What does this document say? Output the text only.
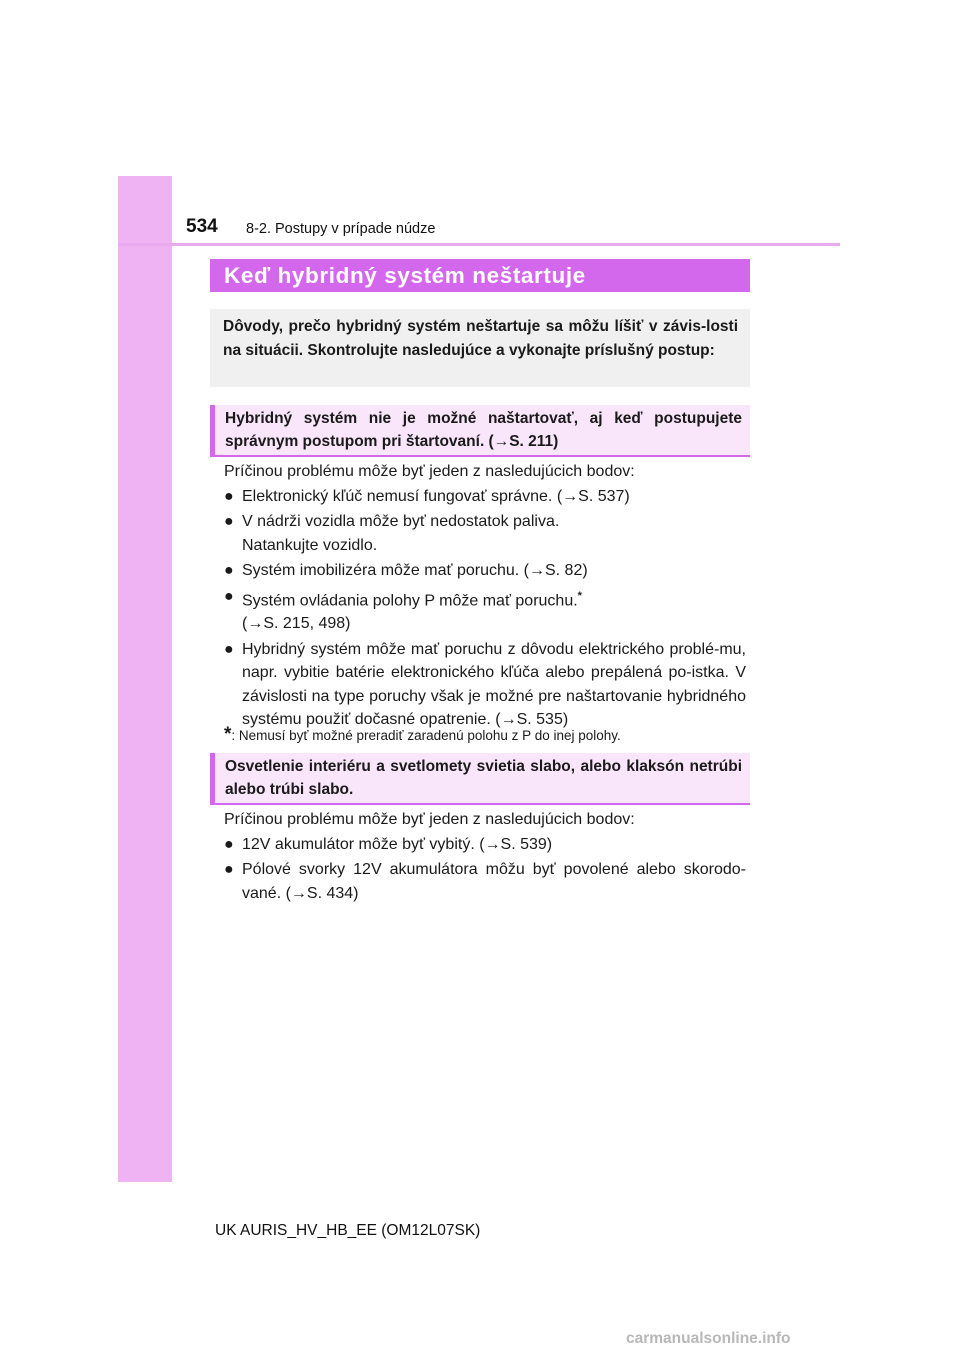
534 8-2. Postupy v prípade núdze
Keď hybridný systém neštartuje
Dôvody, prečo hybridný systém neštartuje sa môžu líšiť v závis-losti na situácii. Skontrolujte nasledujúce a vykonajte príslušný postup:
Hybridný systém nie je možné naštartovať, aj keď postupujete správnym postupom pri štartovaní. (→S. 211)

Príčinou problému môže byť jeden z nasledujúcich bodov:

● Elektronický kľúč nemusí fungovať správne. (→S. 537)
● V nádrži vozidla môže byť nedostatok paliva.
Natankujte vozidlo.
● Systém imobilizéra môže mať poruchu. (→S. 82)
● Systém ovládania polohy P môže mať poruchu.*
(→S. 215, 498)
● Hybridný systém môže mať poruchu z dôvodu elektrického problé-mu, napr. vybitie batérie elektronického kľúča alebo prepálená po-istka. V závislosti na type poruchy však je možné pre naštartovanie hybridného systému použiť dočasné opatrenie. (→S. 535)
*: Nemusí byť možné preradiť zaradenú polohu z P do inej polohy.
Osvetlenie interiéru a svetlomety svietia slabo, alebo klaksón netrúbi alebo trúbi slabo.

Príčinou problému môže byť jeden z nasledujúcich bodov:

● 12V akumulátor môže byť vybitý. (→S. 539)
● Pólové svorky 12V akumulátora môžu byť povolené alebo skorodo-vané. (→S. 434)
UK AURIS_HV_HB_EE (OM12L07SK)
carmanualsonline.info
